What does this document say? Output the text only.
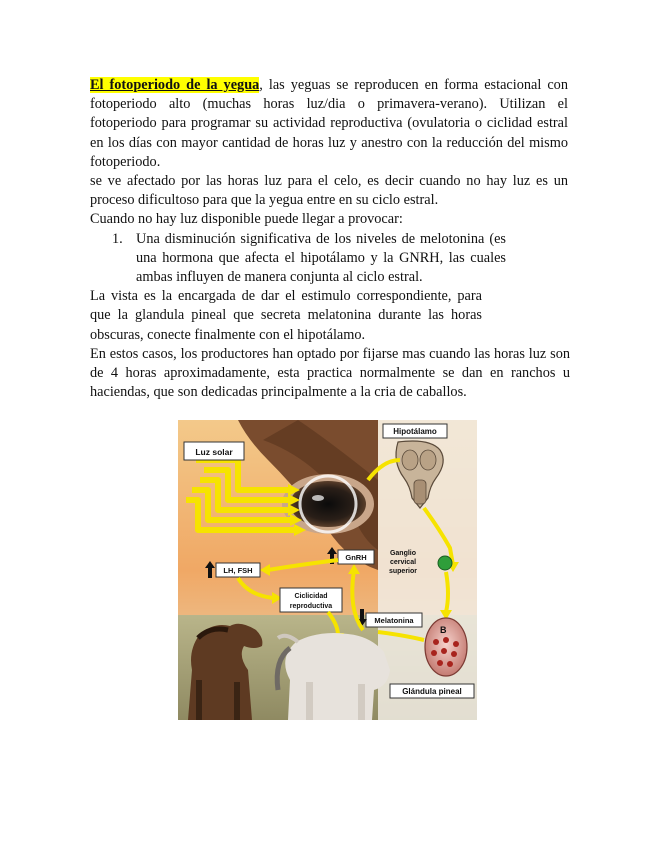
El fotoperiodo de la yegua, las yeguas se reproducen en forma estacional con fotoperiodo alto (muchas horas luz/dia o primavera-verano). Utilizan el fotoperiodo para programar su actividad reproductiva (ovulatoria o ciclidad estral en los días con mayor cantidad de horas luz y anestro con la reducción del mismo fotoperiodo.

se ve afectado por las horas luz para el celo, es decir cuando no hay luz es un proceso dificultoso para que la yegua entre en su ciclo estral.

Cuando no hay luz disponible puede llegar a provocar:

1. Una disminución significativa de los niveles de melotonina (es una hormona que afecta el hipotálamo y la GNRH, las cuales ambas influyen de manera conjunta al ciclo estral.

La vista es la encargada de dar el estimulo correspondiente, para que la glandula pineal que secreta melatonina durante las horas obscuras, conecte finalmente con el hipotálamo.

En estos casos, los productores han optado por fijarse mas cuando las horas luz son de 4 horas aproximadamente, esta practica normalmente se dan en ranchos u haciendas, que son dedicadas principalmente a la cria de caballos.

Luz solar
Hipotálamo
Ganglio
cervical
superior
B
Glándula pineal
Melatonina
GnRH
LH, FSH
Ciclicidad
reproductiva
